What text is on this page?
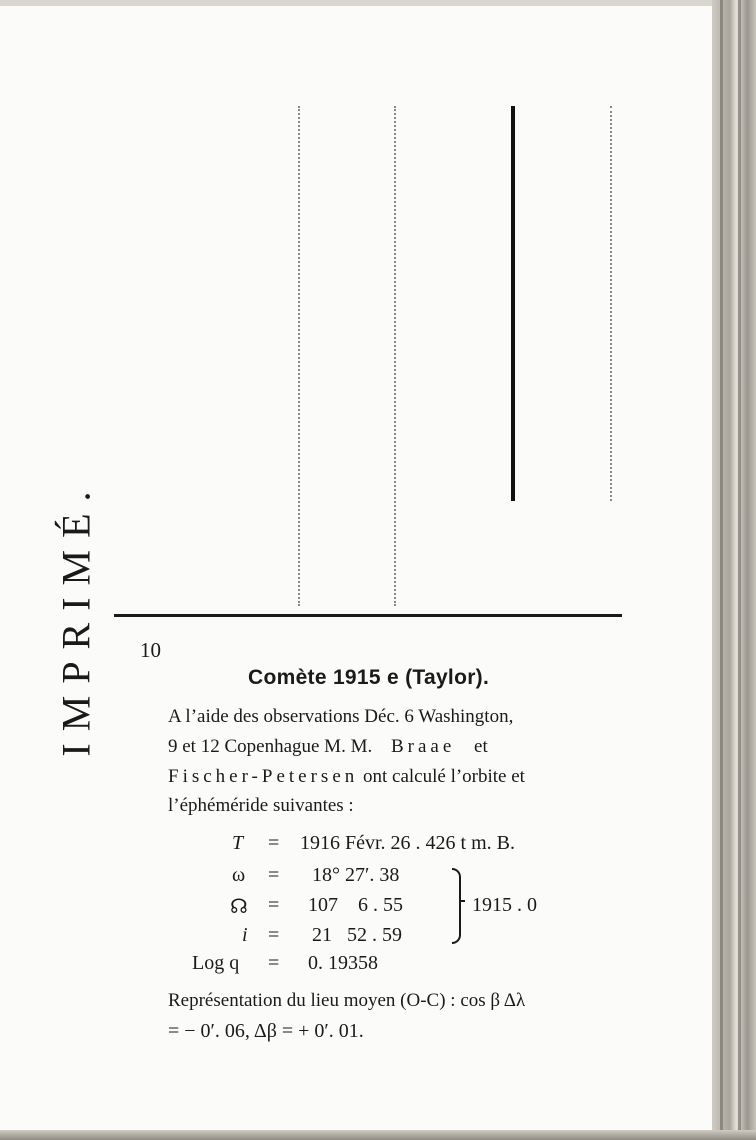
IMPRIMÉ. 10
Comète 1915 e (Taylor).
A l’aide des observations Déc. 6 Washington,
9 et 12 Copenhague M. M. Braae et
Fischer-Petersen ont calculé l’orbite et
l’éphéméride suivantes :
T = 1916 Févr. 26 . 426 t m. B.
ω = 18° 27′. 38
☊ = 107    6 . 55
i = 21   52 . 59
1915 . 0
Log q = 0. 19358
Représentation du lieu moyen (O-C) : cos β Δλ
= − 0′. 06, Δβ = + 0′. 01.
